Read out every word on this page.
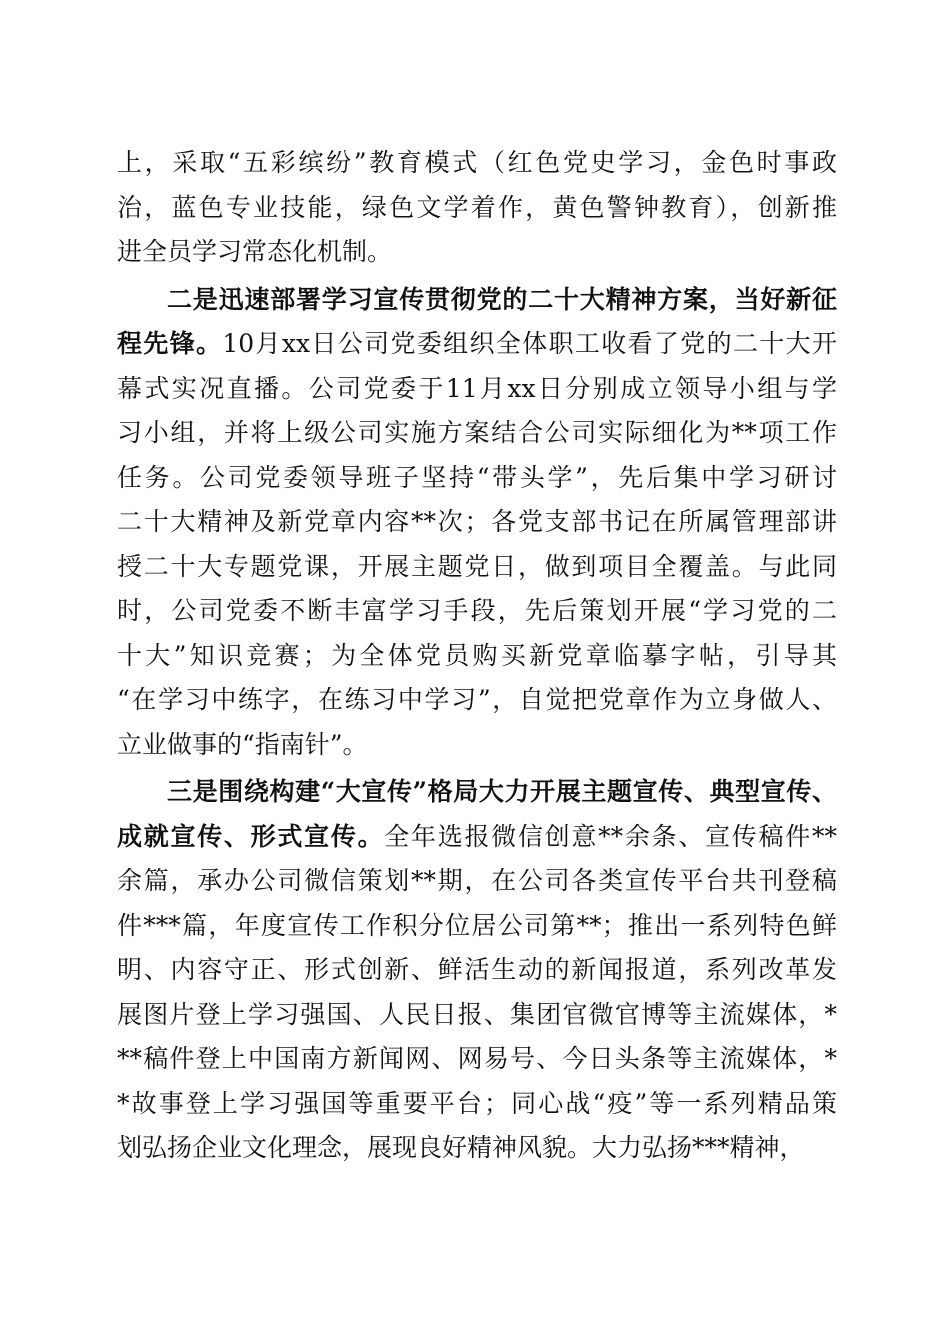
上，采取“五彩缤纷”教育模式（红色党史学习，金色时事政
治，蓝色专业技能，绿色文学着作，黄色警钟教育），创新推
进全员学习常态化机制。
二是迅速部署学习宣传贯彻党的二十大精神方案，当好新征
程先锋。10月xx日公司党委组织全体职工收看了党的二十大开
幕式实况直播。公司党委于11月xx日分别成立领导小组与学
习小组，并将上级公司实施方案结合公司实际细化为**项工作
任务。公司党委领导班子坚持“带头学”，先后集中学习研讨
二十大精神及新党章内容**次；各党支部书记在所属管理部讲
授二十大专题党课，开展主题党日，做到项目全覆盖。与此同
时，公司党委不断丰富学习手段，先后策划开展“学习党的二
十大”知识竞赛；为全体党员购买新党章临摹字帖，引导其
“在学习中练字，在练习中学习”，自觉把党章作为立身做人、
立业做事的“指南针”。
三是围绕构建“大宣传”格局大力开展主题宣传、典型宣传、
成就宣传、形式宣传。全年选报微信创意**余条、宣传稿件**
余篇，承办公司微信策划**期，在公司各类宣传平台共刊登稿
件***篇，年度宣传工作积分位居公司第**；推出一系列特色鲜
明、内容守正、形式创新、鲜活生动的新闻报道，系列改革发
展图片登上学习强国、人民日报、集团官微官博等主流媒体，*
**稿件登上中国南方新闻网、网易号、今日头条等主流媒体，*
*故事登上学习强国等重要平台；同心战“疫”等一系列精品策
划弘扬企业文化理念，展现良好精神风貌。大力弘扬***精神，
